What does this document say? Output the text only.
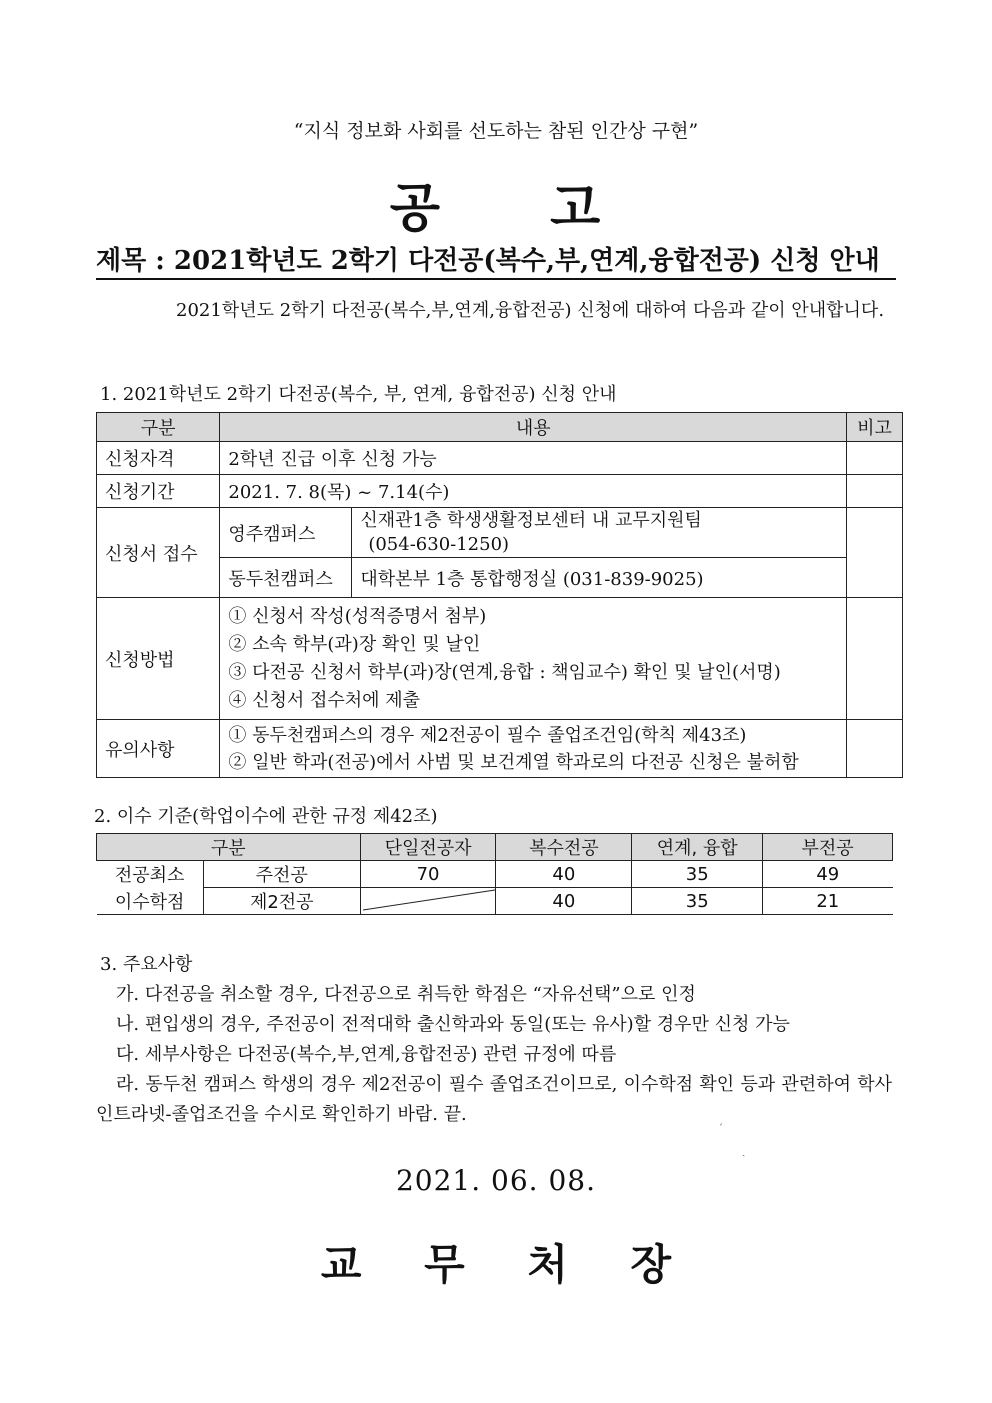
“지식 정보화 사회를 선도하는 참된 인간상 구현”
공 고
제목 : 2021학년도 2학기 다전공(복수,부,연계,융합전공) 신청 안내
2021학년도 2학기 다전공(복수,부,연계,융합전공) 신청에 대하여 다음과 같이 안내합니다.
1. 2021학년도 2학기 다전공(복수, 부, 연계, 융합전공) 신청 안내
구분	내용		비고
신청자격	2학년 진급 이후 신청 가능		
신청기간	2021. 7. 8(목) ~ 7.14(수)		
신청서 접수	영주캠퍼스	신재관1층 학생생활정보센터 내 교무지원팀
(054-630-1250)	

	동두천캠퍼스	대학본부 1층 통합행정실 (031-839-9025)	
신청방법	① 신청서 작성(성적증명서 첨부)
② 소속 학부(과)장 확인 및 날인
③ 다전공 신청서 학부(과)장(연계,융합 : 책임교수) 확인 및 날인(서명)
④ 신청서 접수처에 제출		

유의사항	① 동두천캠퍼스의 경우 제2전공이 필수 졸업조건임(학칙 제43조)
② 일반 학과(전공)에서 사범 및 보건계열 학과로의 다전공 신청은 불허함		

2. 이수 기준(학업이수에 관한 규정 제42조)
구분		단일전공자	복수전공	연계, 융합	부전공
전공최소	주전공	70	40	35	49
이수학점	제2전공		40	35	21

3. 주요사항

가. 다전공을 취소할 경우, 다전공으로 취득한 학점은 “자유선택”으로 인정

나. 편입생의 경우, 주전공이 전적대학 출신학과와 동일(또는 유사)할 경우만 신청 가능

다. 세부사항은 다전공(복수,부,연계,융합전공) 관련 규정에 따름

라. 동두천 캠퍼스 학생의 경우 제2전공이 필수 졸업조건이므로, 이수학점 확인 등과 관련하여 학사인트라넷-졸업조건을 수시로 확인하기 바람. 끝.

ˊ
ˏ
2021. 06. 08.
교 무 처 장
